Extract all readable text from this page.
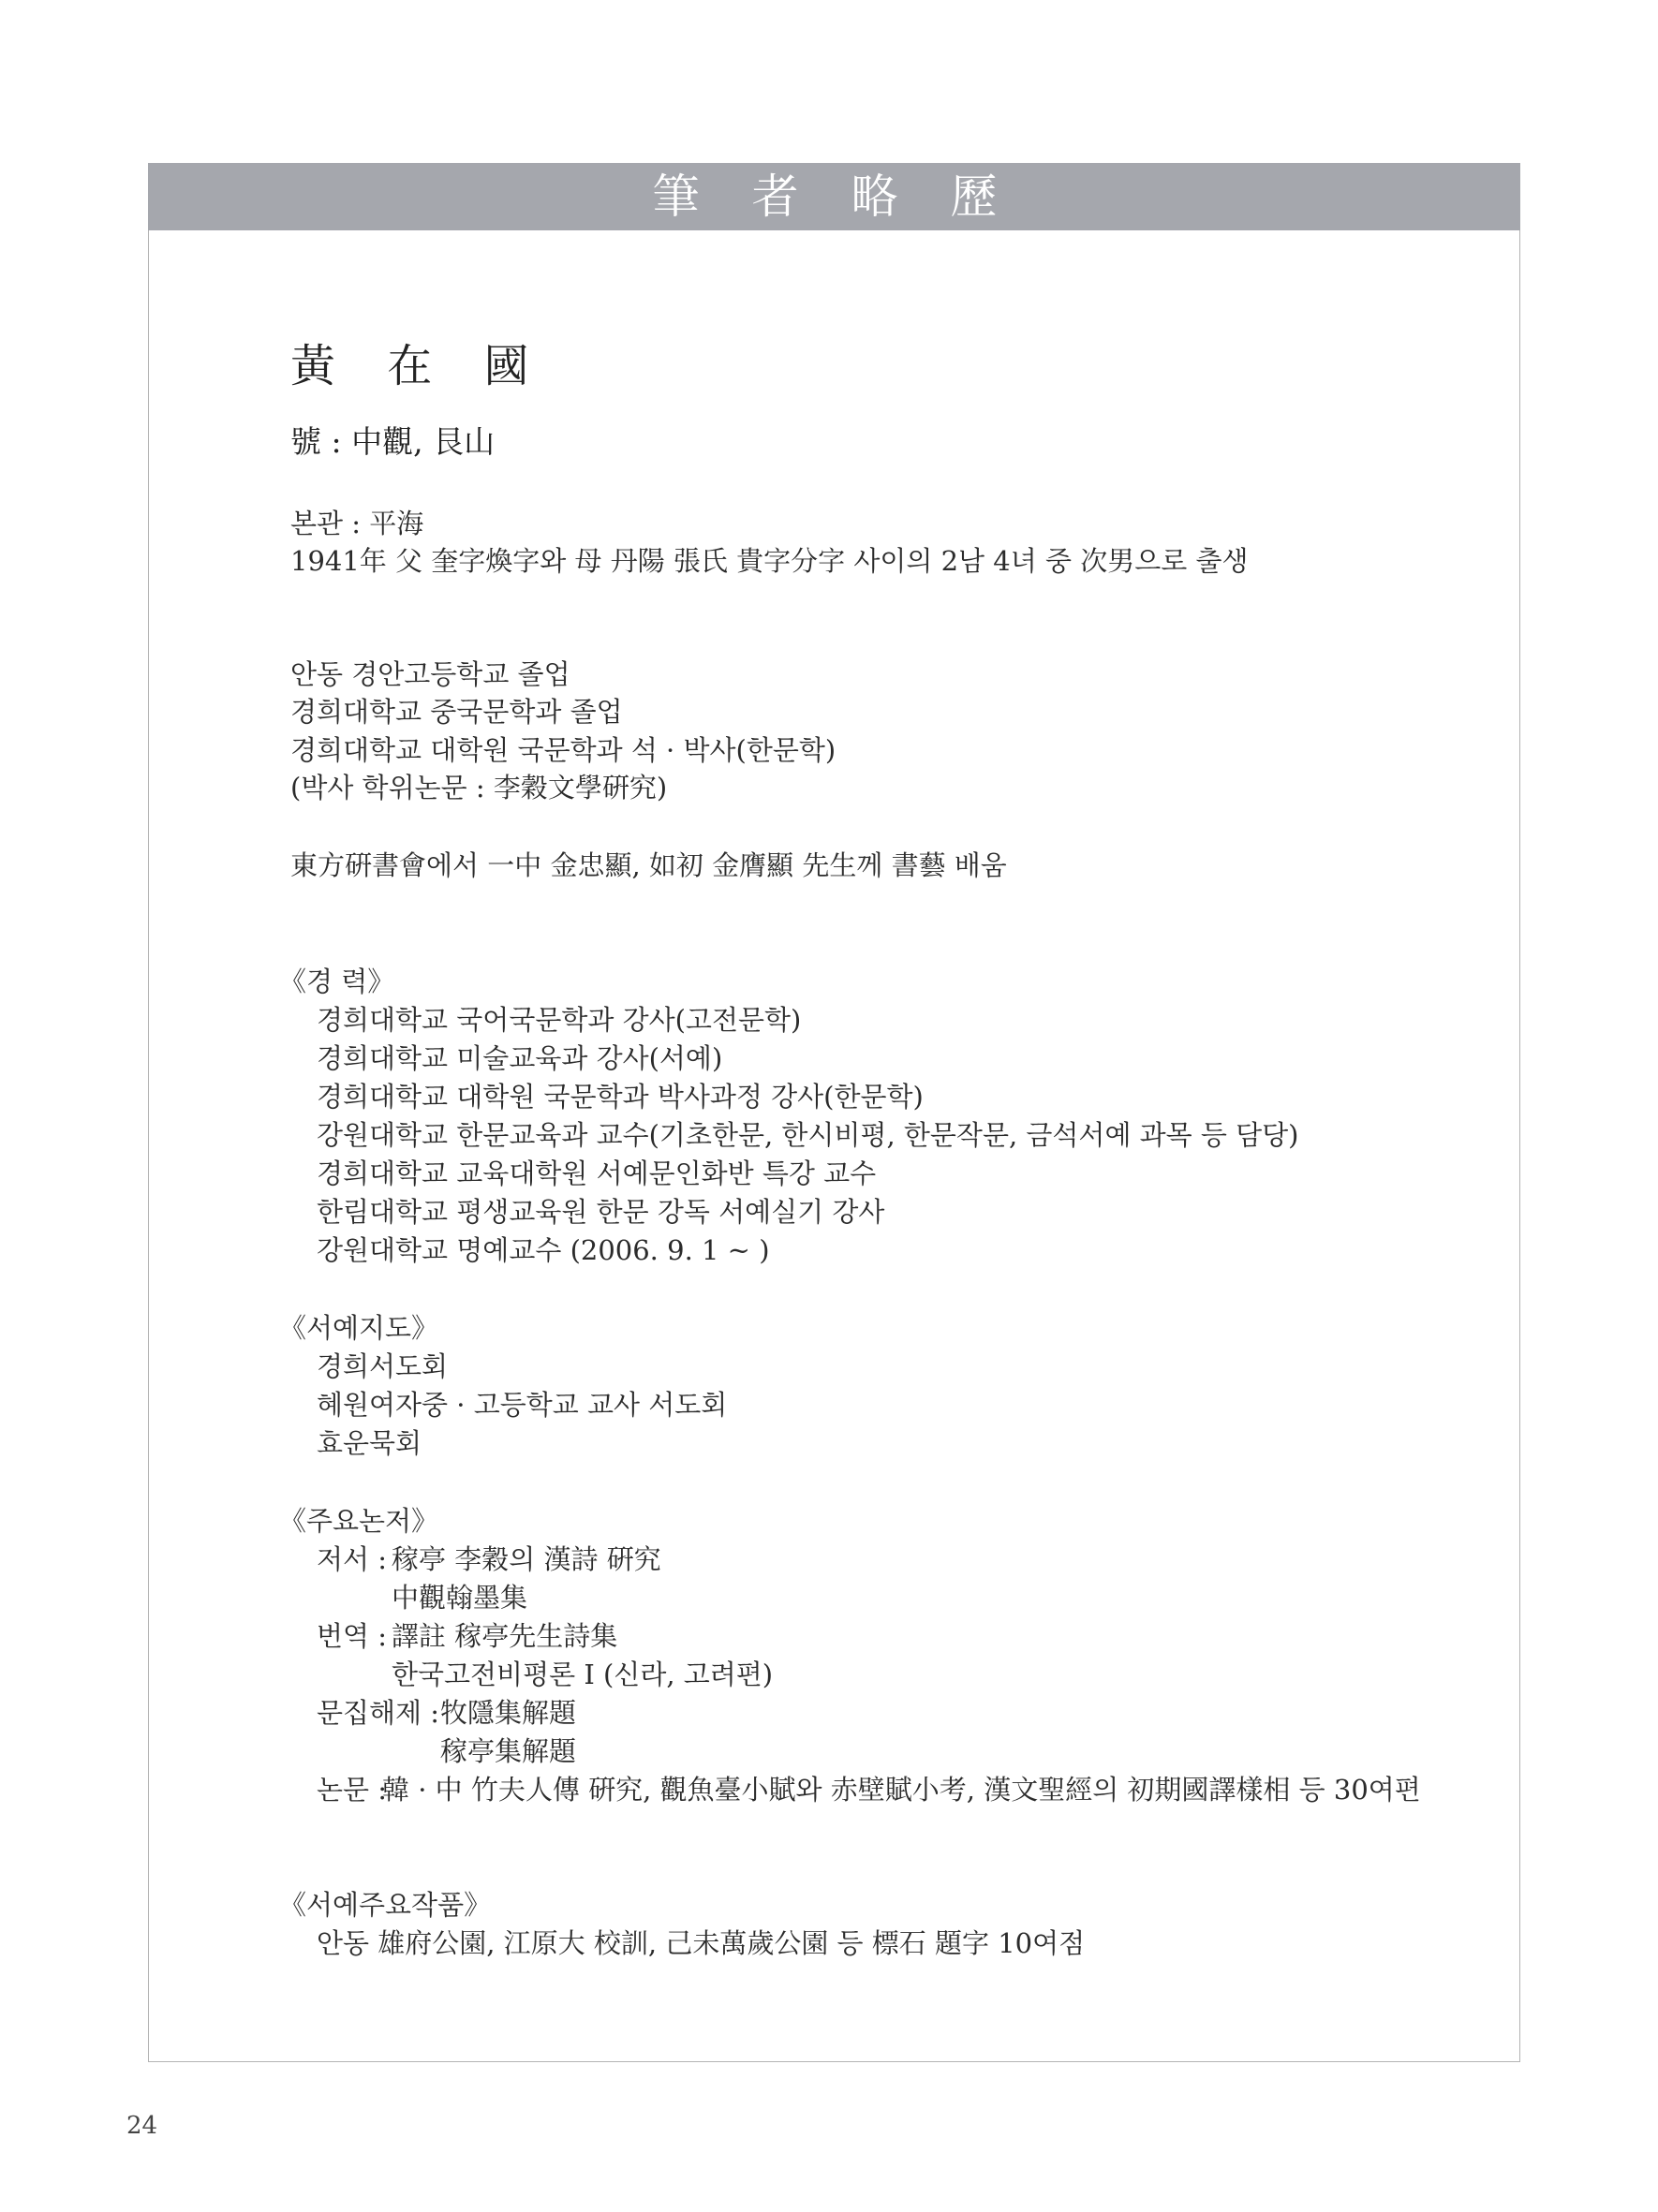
筆 者 略 歷
黃 在 國
號 : 中觀, 艮山
본관 : 平海
1941年 父 奎字煥字와 母 丹陽 張氏 貴字分字 사이의 2남 4녀 중 次男으로 출생
안동 경안고등학교 졸업
경희대학교 중국문학과 졸업
경희대학교 대학원 국문학과 석 · 박사(한문학)
(박사 학위논문 : 李穀文學硏究)
東方硏書會에서 一中 金忠顯, 如初 金膺顯 先生께 書藝 배움
《경 력》
경희대학교 국어국문학과 강사(고전문학)
경희대학교 미술교육과 강사(서예)
경희대학교 대학원 국문학과 박사과정 강사(한문학)
강원대학교 한문교육과 교수(기초한문, 한시비평, 한문작문, 금석서예 과목 등 담당)
경희대학교 교육대학원 서예문인화반 특강 교수
한림대학교 평생교육원 한문 강독 서예실기 강사
강원대학교 명예교수 (2006. 9. 1 ~ )
《서예지도》
경희서도회
혜원여자중 · 고등학교 교사 서도회
효운묵회
《주요논저》
저서 : 稼亭 李穀의 漢詩 硏究
中觀翰墨集
번역 : 譯註 稼亭先生詩集
한국고전비평론 I (신라, 고려편)
문집해제 : 牧隱集解題
稼亭集解題
논문 :
韓 · 中 竹夫人傳 硏究, 觀魚臺小賦와 赤壁賦小考, 漢文聖經의 初期國譯樣相 등 30여편
《서예주요작품》
안동 雄府公園, 江原大 校訓, 己未萬歲公園 등 標石 題字 10여점
24
